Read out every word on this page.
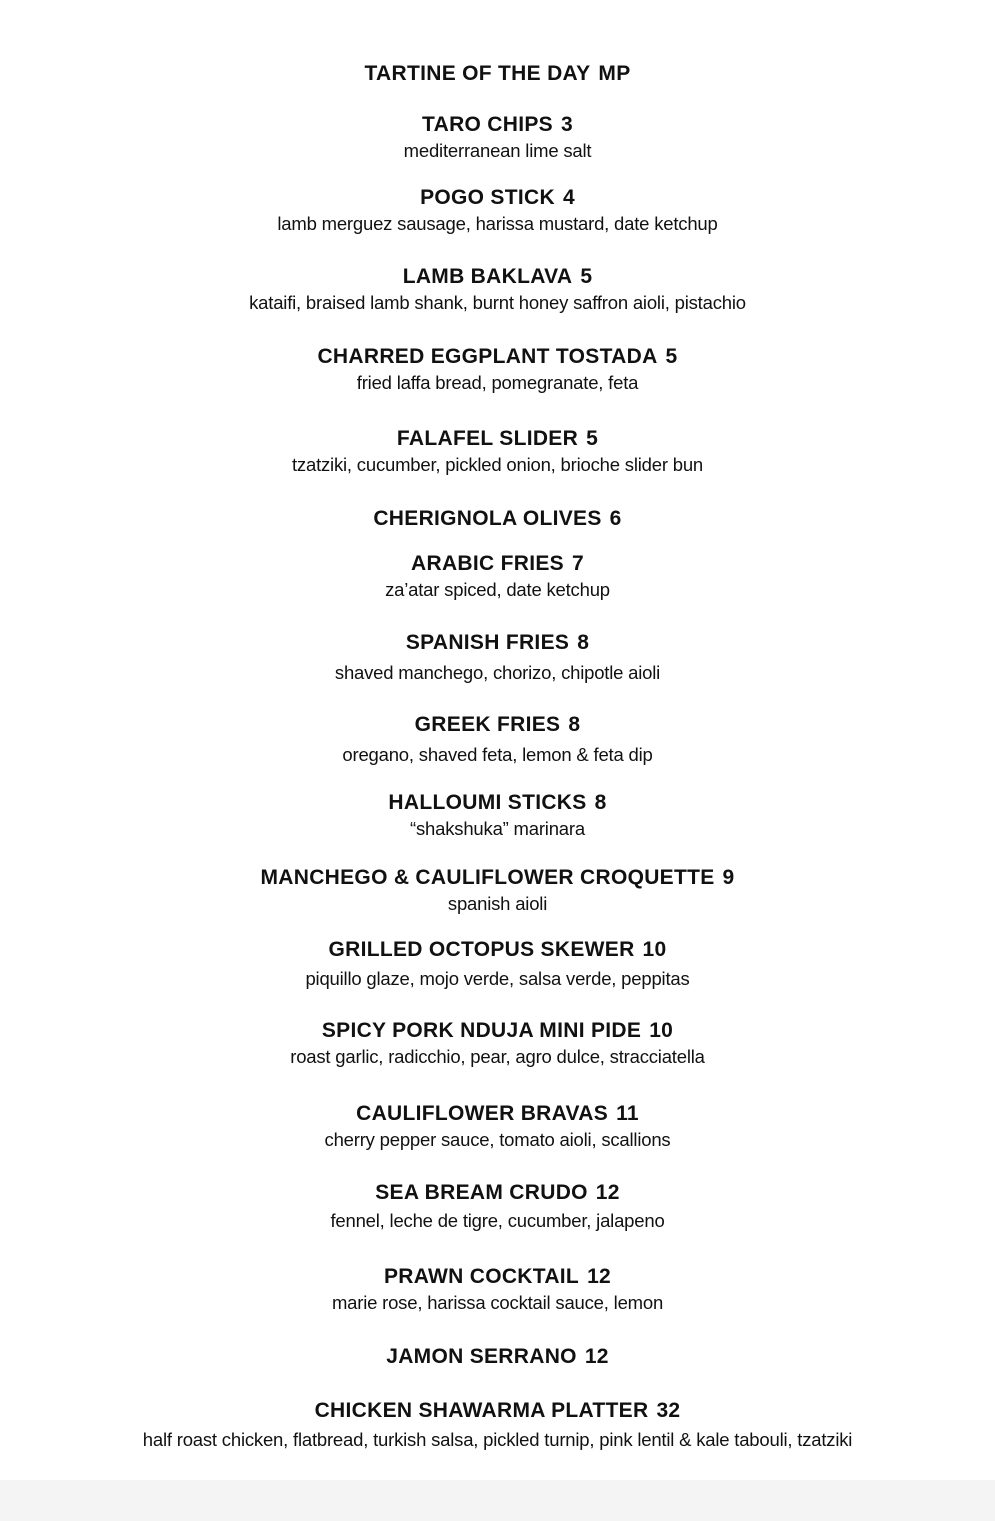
TARTINE OF THE DAY MP
TARO CHIPS 3
mediterranean lime salt
POGO STICK 4
lamb merguez sausage, harissa mustard, date ketchup
LAMB BAKLAVA 5
kataifi, braised lamb shank, burnt honey saffron aioli, pistachio
CHARRED EGGPLANT TOSTADA 5
fried laffa bread, pomegranate, feta
FALAFEL SLIDER 5
tzatziki, cucumber, pickled onion, brioche slider bun
CHERIGNOLA OLIVES 6
ARABIC FRIES 7
za’atar spiced, date ketchup
SPANISH FRIES 8
shaved manchego, chorizo, chipotle aioli
GREEK FRIES 8
oregano, shaved feta, lemon & feta dip
HALLOUMI STICKS 8
“shakshuka” marinara
MANCHEGO & CAULIFLOWER CROQUETTE 9
spanish aioli
GRILLED OCTOPUS SKEWER 10
piquillo glaze, mojo verde, salsa verde, peppitas
SPICY PORK NDUJA MINI PIDE 10
roast garlic, radicchio, pear, agro dulce, stracciatella
CAULIFLOWER BRAVAS 11
cherry pepper sauce, tomato aioli, scallions
SEA BREAM CRUDO 12
fennel, leche de tigre, cucumber, jalapeno
PRAWN COCKTAIL 12
marie rose, harissa cocktail sauce, lemon
JAMON SERRANO 12
CHICKEN SHAWARMA PLATTER 32
half roast chicken, flatbread, turkish salsa, pickled turnip, pink lentil & kale tabouli, tzatziki
